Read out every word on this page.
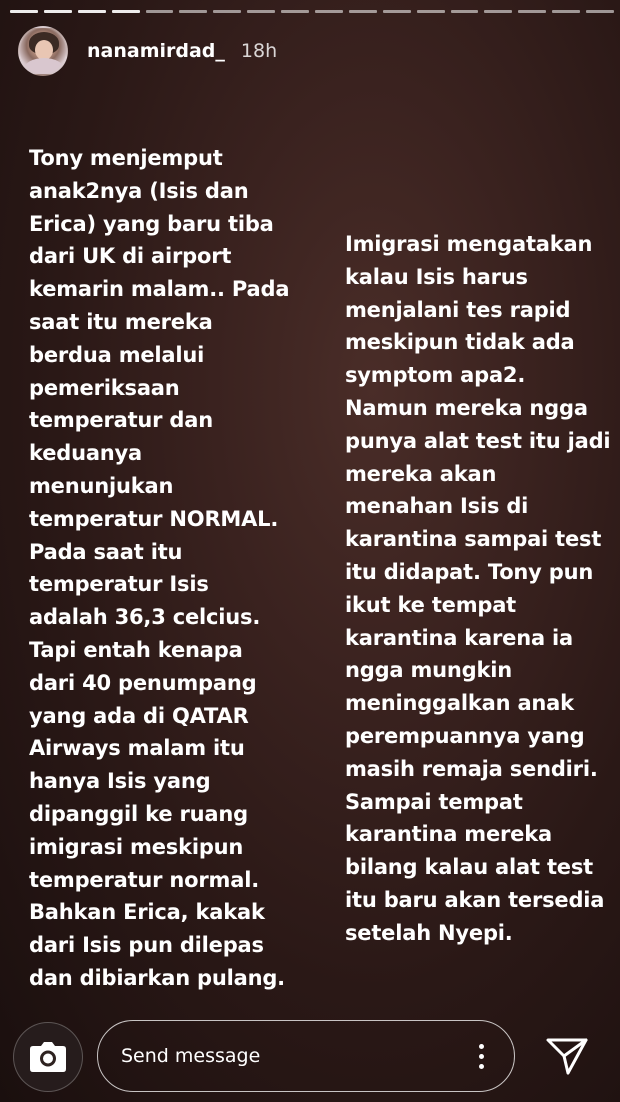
nanamirdad_ 18h
Tony menjemput
anak2nya (Isis dan
Erica) yang baru tiba
dari UK di airport
kemarin malam.. Pada
saat itu mereka
berdua melalui
pemeriksaan
temperatur dan
keduanya
menunjukan
temperatur NORMAL.
Pada saat itu
temperatur Isis
adalah 36,3 celcius.
Tapi entah kenapa
dari 40 penumpang
yang ada di QATAR
Airways malam itu
hanya Isis yang
dipanggil ke ruang
imigrasi meskipun
temperatur normal.
Bahkan Erica, kakak
dari Isis pun dilepas
dan dibiarkan pulang.
Imigrasi mengatakan
kalau Isis harus
menjalani tes rapid
meskipun tidak ada
symptom apa2.
Namun mereka ngga
punya alat test itu jadi
mereka akan
menahan Isis di
karantina sampai test
itu didapat. Tony pun
ikut ke tempat
karantina karena ia
ngga mungkin
meninggalkan anak
perempuannya yang
masih remaja sendiri.
Sampai tempat
karantina mereka
bilang kalau alat test
itu baru akan tersedia
setelah Nyepi.
Send message
